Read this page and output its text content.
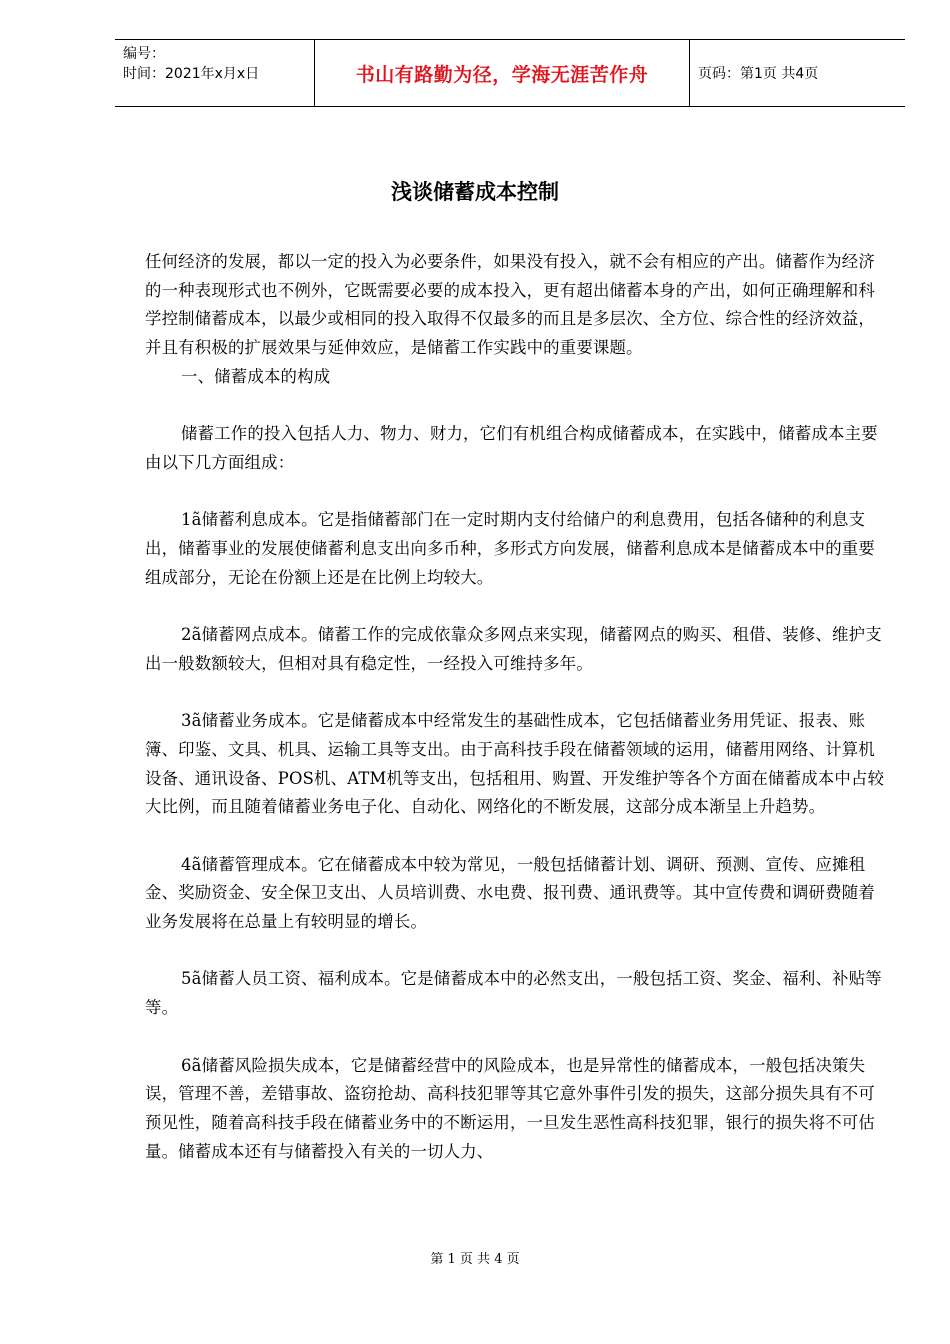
编号：
时间：2021年x月x日	书山有路勤为径，学海无涯苦作舟	页码：第1页 共4页
浅谈储蓄成本控制

任何经济的发展，都以一定的投入为必要条件，如果没有投入，就不会有相应的产出。储蓄作为经济的一种表现形式也不例外，它既需要必要的成本投入，更有超出储蓄本身的产出，如何正确理解和科学控制储蓄成本，以最少或相同的投入取得不仅最多的而且是多层次、全方位、综合性的经济效益，并且有积极的扩展效果与延伸效应，是储蓄工作实践中的重要课题。

一、储蓄成本的构成

储蓄工作的投入包括人力、物力、财力，它们有机组合构成储蓄成本，在实践中，储蓄成本主要由以下几方面组成：

1ã储蓄利息成本。它是指储蓄部门在一定时期内支付给储户的利息费用，包括各储种的利息支出，储蓄事业的发展使储蓄利息支出向多币种，多形式方向发展，储蓄利息成本是储蓄成本中的重要组成部分，无论在份额上还是在比例上均较大。

2ã储蓄网点成本。储蓄工作的完成依靠众多网点来实现，储蓄网点的购买、租借、装修、维护支出一般数额较大，但相对具有稳定性，一经投入可维持多年。

3ã储蓄业务成本。它是储蓄成本中经常发生的基础性成本，它包括储蓄业务用凭证、报表、账簿、印鉴、文具、机具、运输工具等支出。由于高科技手段在储蓄领域的运用，储蓄用网络、计算机设备、通讯设备、POS机、ATM机等支出，包括租用、购置、开发维护等各个方面在储蓄成本中占较大比例，而且随着储蓄业务电子化、自动化、网络化的不断发展，这部分成本渐呈上升趋势。

4ã储蓄管理成本。它在储蓄成本中较为常见，一般包括储蓄计划、调研、预测、宣传、应摊租金、奖励资金、安全保卫支出、人员培训费、水电费、报刊费、通讯费等。其中宣传费和调研费随着业务发展将在总量上有较明显的增长。

5ã储蓄人员工资、福利成本。它是储蓄成本中的必然支出，一般包括工资、奖金、福利、补贴等等。

6ã储蓄风险损失成本，它是储蓄经营中的风险成本，也是异常性的储蓄成本，一般包括决策失误，管理不善，差错事故、盗窃抢劫、高科技犯罪等其它意外事件引发的损失，这部分损失具有不可预见性，随着高科技手段在储蓄业务中的不断运用，一旦发生恶性高科技犯罪，银行的损失将不可估量。储蓄成本还有与储蓄投入有关的一切人力、

第 1 页 共 4 页
